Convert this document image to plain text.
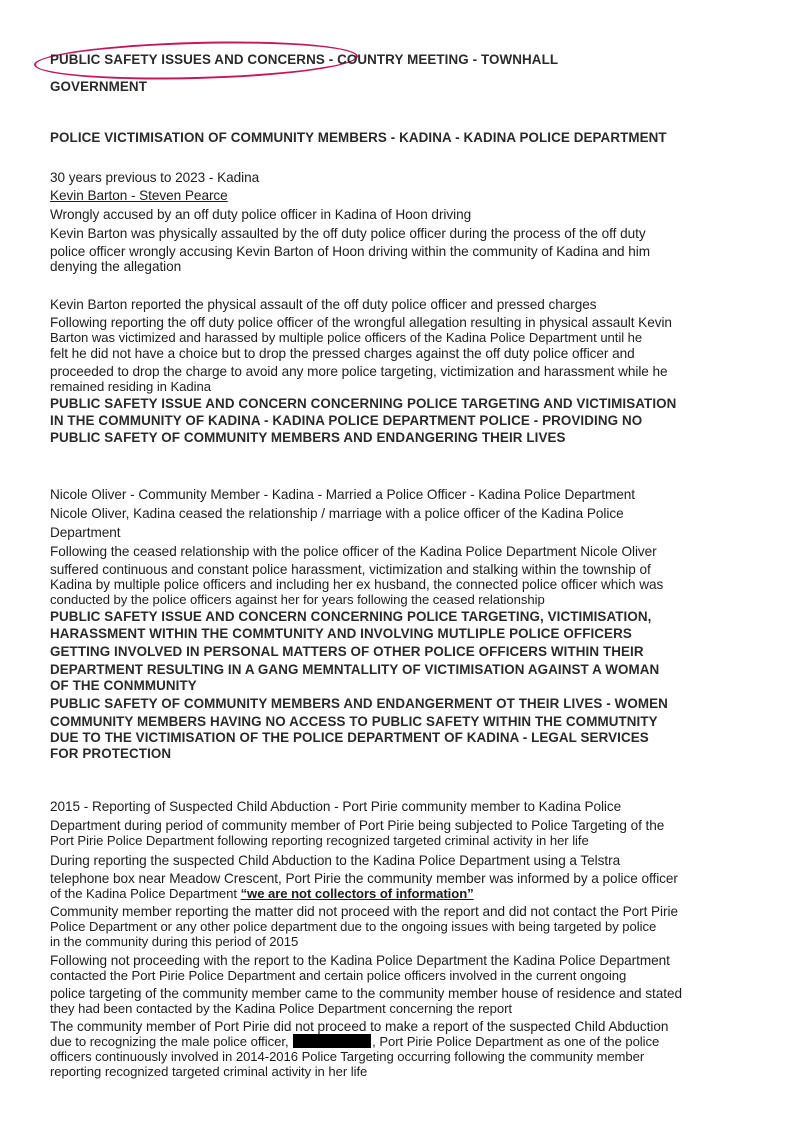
PUBLIC SAFETY ISSUES AND CONCERNS - COUNTRY MEETING - TOWNHALL
GOVERNMENT
POLICE VICTIMISATION OF COMMUNITY MEMBERS - KADINA - KADINA POLICE DEPARTMENT
30 years previous to 2023 - Kadina
Kevin Barton - Steven Pearce
Wrongly accused by an off duty police officer in Kadina of Hoon driving
Kevin Barton was physically assaulted by the off duty police officer during the process of the off duty
police officer wrongly accusing Kevin Barton of Hoon driving within the community of Kadina and him
denying the allegation
Kevin Barton reported the physical assault of the off duty police officer and pressed charges
Following reporting the off duty police officer of the wrongful allegation resulting in physical assault Kevin
Barton was victimized and harassed by multiple police officers of the Kadina Police Department until he
felt he did not have a choice but to drop the pressed charges against the off duty police officer and
proceeded to drop the charge to avoid any more police targeting, victimization and harassment while he
remained residing in Kadina
PUBLIC SAFETY ISSUE AND CONCERN CONCERNING POLICE TARGETING AND VICTIMISATION
IN THE COMMUNITY OF KADINA - KADINA POLICE DEPARTMENT POLICE - PROVIDING NO
PUBLIC SAFETY OF COMMUNITY MEMBERS AND ENDANGERING THEIR LIVES
Nicole Oliver - Community Member - Kadina - Married a Police Officer - Kadina Police Department
Nicole Oliver, Kadina ceased the relationship / marriage with a police officer of the Kadina Police
Department
Following the ceased relationship with the police officer of the Kadina Police Department Nicole Oliver
suffered continuous and constant police harassment, victimization and stalking within the township of
Kadina by multiple police officers and including her ex husband, the connected police officer which was
conducted by the police officers against her for years following the ceased relationship
PUBLIC SAFETY ISSUE AND CONCERN CONCERNING POLICE TARGETING, VICTIMISATION,
HARASSMENT WITHIN THE COMMTUNITY AND INVOLVING MUTLIPLE POLICE OFFICERS
GETTING INVOLVED IN PERSONAL MATTERS OF OTHER POLICE OFFICERS WITHIN THEIR
DEPARTMENT RESULTING IN A GANG MEMNTALLITY OF VICTIMISATION AGAINST A WOMAN
OF THE CONMMUNITY
PUBLIC SAFETY OF COMMUNITY MEMBERS AND ENDANGERMENT OT THEIR LIVES - WOMEN
COMMUNITY MEMBERS HAVING NO ACCESS TO PUBLIC SAFETY WITHIN THE COMMUTNITY
DUE TO THE VICTIMISATION OF THE POLICE DEPARTMENT OF KADINA - LEGAL SERVICES
FOR PROTECTION
2015 - Reporting of Suspected Child Abduction - Port Pirie community member to Kadina Police
Department during period of community member of Port Pirie being subjected to Police Targeting of the
Port Pirie Police Department following reporting recognized targeted criminal activity in her life
During reporting the suspected Child Abduction to the Kadina Police Department using a Telstra
telephone box near Meadow Crescent, Port Pirie the community member was informed by a police officer
of the Kadina Police Department “we are not collectors of information”
Community member reporting the matter did not proceed with the report and did not contact the Port Pirie
Police Department or any other police department due to the ongoing issues with being targeted by police
in the community during this period of 2015
Following not proceeding with the report to the Kadina Police Department the Kadina Police Department
contacted the Port Pirie Police Department and certain police officers involved in the current ongoing
police targeting of the community member came to the community member house of residence and stated
they had been contacted by the Kadina Police Department concerning the report
The community member of Port Pirie did not proceed to make a report of the suspected Child Abduction
due to recognizing the male police officer,	, Port Pirie Police Department as one of the police
officers continuously involved in 2014-2016 Police Targeting occurring following the community member
reporting recognized targeted criminal activity in her life
